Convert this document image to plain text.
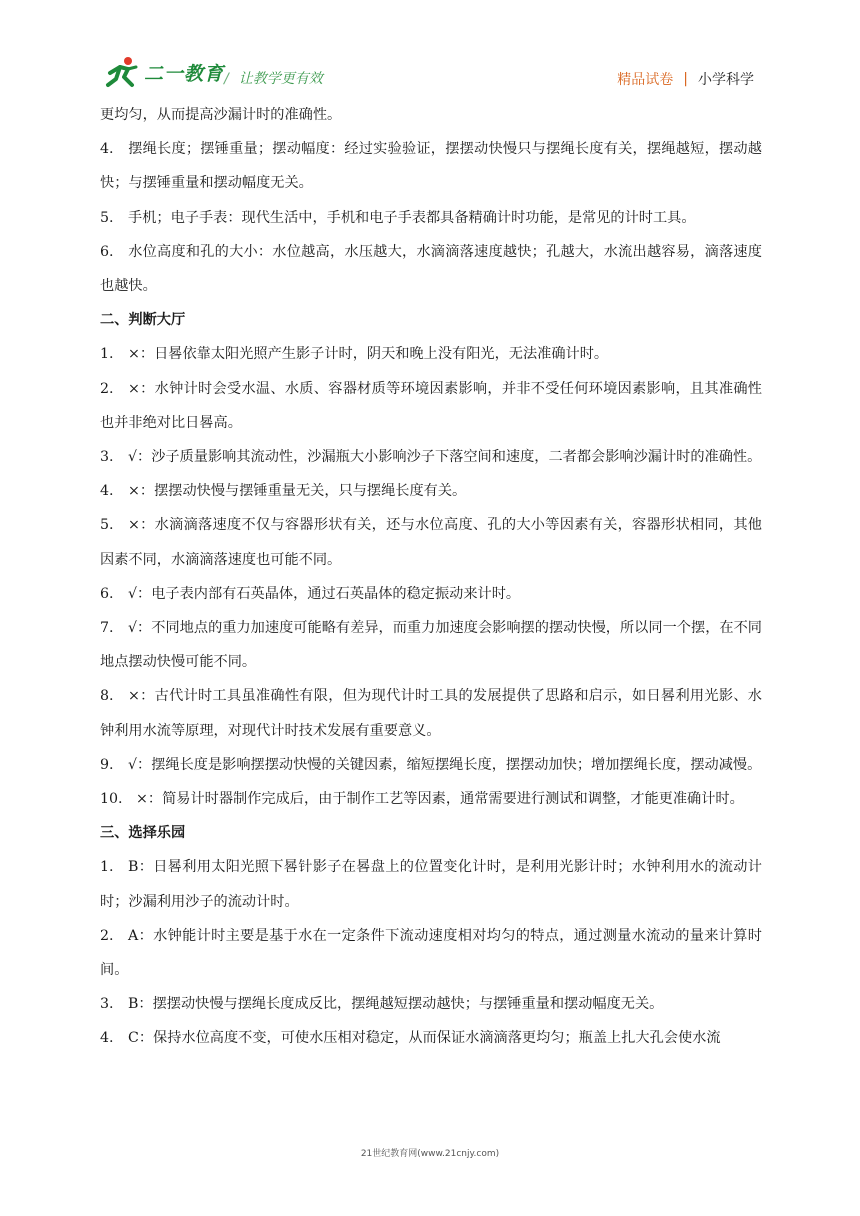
二一教育 / 让教学更有效	精品试卷 | 小学科学

更均匀，从而提高沙漏计时的准确性。

4. 摆绳长度；摆锤重量；摆动幅度：经过实验验证，摆摆动快慢只与摆绳长度有关，摆绳越短，摆动越快；与摆锤重量和摆动幅度无关。

5. 手机；电子手表：现代生活中，手机和电子手表都具备精确计时功能，是常见的计时工具。

6. 水位高度和孔的大小：水位越高，水压越大，水滴滴落速度越快；孔越大，水流出越容易，滴落速度也越快。

二、判断大厅

1. ×：日晷依靠太阳光照产生影子计时，阴天和晚上没有阳光，无法准确计时。

2. ×：水钟计时会受水温、水质、容器材质等环境因素影响，并非不受任何环境因素影响，且其准确性也并非绝对比日晷高。

3. √：沙子质量影响其流动性，沙漏瓶大小影响沙子下落空间和速度，二者都会影响沙漏计时的准确性。

4. ×：摆摆动快慢与摆锤重量无关，只与摆绳长度有关。

5. ×：水滴滴落速度不仅与容器形状有关，还与水位高度、孔的大小等因素有关，容器形状相同，其他因素不同，水滴滴落速度也可能不同。

6. √：电子表内部有石英晶体，通过石英晶体的稳定振动来计时。

7. √：不同地点的重力加速度可能略有差异，而重力加速度会影响摆的摆动快慢，所以同一个摆，在不同地点摆动快慢可能不同。

8. ×：古代计时工具虽准确性有限，但为现代计时工具的发展提供了思路和启示，如日晷利用光影、水钟利用水流等原理，对现代计时技术发展有重要意义。

9. √：摆绳长度是影响摆摆动快慢的关键因素，缩短摆绳长度，摆摆动加快；增加摆绳长度，摆动减慢。

10. ×：简易计时器制作完成后，由于制作工艺等因素，通常需要进行测试和调整，才能更准确计时。

三、选择乐园

1. B：日晷利用太阳光照下晷针影子在晷盘上的位置变化计时，是利用光影计时；水钟利用水的流动计时；沙漏利用沙子的流动计时。

2. A：水钟能计时主要是基于水在一定条件下流动速度相对均匀的特点，通过测量水流动的量来计算时间。

3. B：摆摆动快慢与摆绳长度成反比，摆绳越短摆动越快；与摆锤重量和摆动幅度无关。

4. C：保持水位高度不变，可使水压相对稳定，从而保证水滴滴落更均匀；瓶盖上扎大孔会使水流

21世纪教育网(www.21cnjy.com)
